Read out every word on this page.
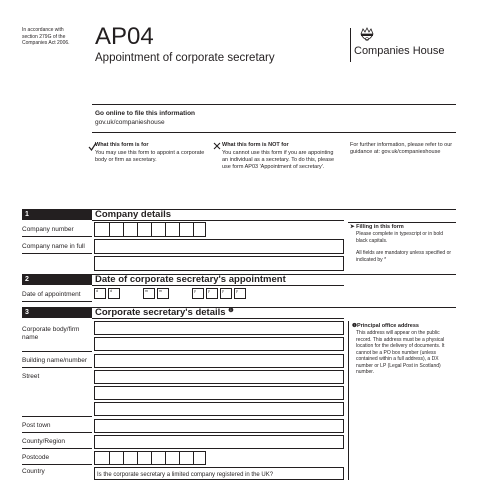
In accordance with section 279G of the Companies Act 2006.	AP04
Appointment of corporate secretary
Companies House
Go online to file this information
gov.uk/companieshouse
What this form is for
You may use this form to appoint a corporate body or firm as secretary.
What this form is NOT for
You cannot use this form if you are appointing an individual as a secretary. To do this, please use form AP03 'Appointment of secretary'.
For further information, please refer to our guidance at: gov.uk/companieshouse
1	Company details
Company number
Company name in full
➤ Filling in this form
Please complete in typescript or in bold black capitals.
All fields are mandatory unless specified or indicated by *
2	Date of corporate secretary's appointment
Date of appointment	d	d	m	m	y	y	y	y
3	Corporate secretary's details $^❶$
Corporate body/firm name
Building name/number
Street
Post town
County/Region
Postcode
Country	Is the corporate secretary a limited company registered in the UK?
❶Principal office address
This address will appear on the public record. This address must be a physical location for the delivery of documents. It cannot be a PO box number (unless contained within a full address), a DX number or LP (Legal Post in Scotland) number.
